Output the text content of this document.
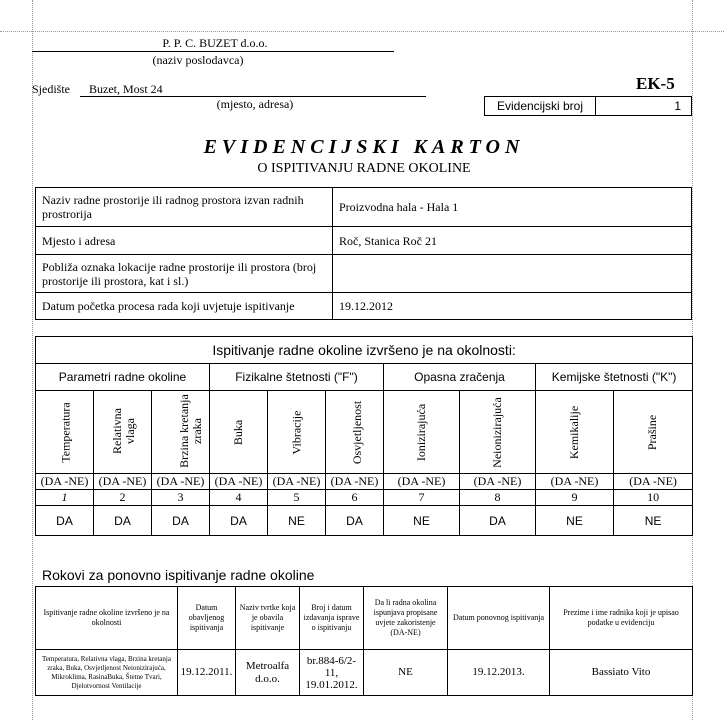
P. P. C. BUZET d.o.o.
(naziv poslodavca)
Sjedište Buzet, Most 24
(mjesto, adresa)
EK-5
Evidencijski broj	1
EVIDENCIJSKI KARTON
O ISPITIVANJU RADNE OKOLINE
Naziv radne prostorije ili radnog prostora izvan radnih prostrorija	Proizvodna hala - Hala 1
Mjesto i adresa	Roč, Stanica Roč 21
Pobliža oznaka lokacije radne prostorije ili prostora (broj prostorije ili prostora, kat i sl.)	
Datum početka procesa rada koji uvjetuje ispitivanje	19.12.2012
Ispitivanje radne okoline izvršeno je na okolnosti:									
Parametri radne okoline			Fizikalne štetnosti ("F")			Opasna zračenja		Kemijske štetnosti ("K")	
Temperatura	Relativna vlaga	Brzina kretanja zraka	Buka	Vibracije	Osvjetljenost	Ionizirajuća	Neionizirajuća	Kemikalije	Prašine
(DA -NE)	(DA -NE)	(DA -NE)	(DA -NE)	(DA -NE)	(DA -NE)	(DA -NE)	(DA -NE)	(DA -NE)	(DA -NE)
1	2	3	4	5	6	7	8	9	10
DA	DA	DA	DA	NE	DA	NE	DA	NE	NE
Rokovi za ponovno ispitivanje radne okoline
Ispitivanje radne okoline izvršeno je na okolnosti	Datum obavljenog ispitivanja	Naziv tvrtke koja je obavila ispitivanje	Broj i datum izdavanja isprave o ispitivanju	Da li radna okolina ispunjava propisane uvjete zakoristenje (DA-NE)	Datum ponovnog ispitivanja	Prezime i ime radnika koji je upisao podatke u evidenciju
Temperatura, Relativna vlaga, Brzina kretanja zraka, Buka, Osvjetljenost Neionizirajuća, Mikroklima, RasinaBuka, Štetne Tvari, Djelotvornost Ventilacije	19.12.2011.	Metroalfa d.o.o.	br.884-6/2-11, 19.01.2012.	NE	19.12.2013.	Bassiato Vito
